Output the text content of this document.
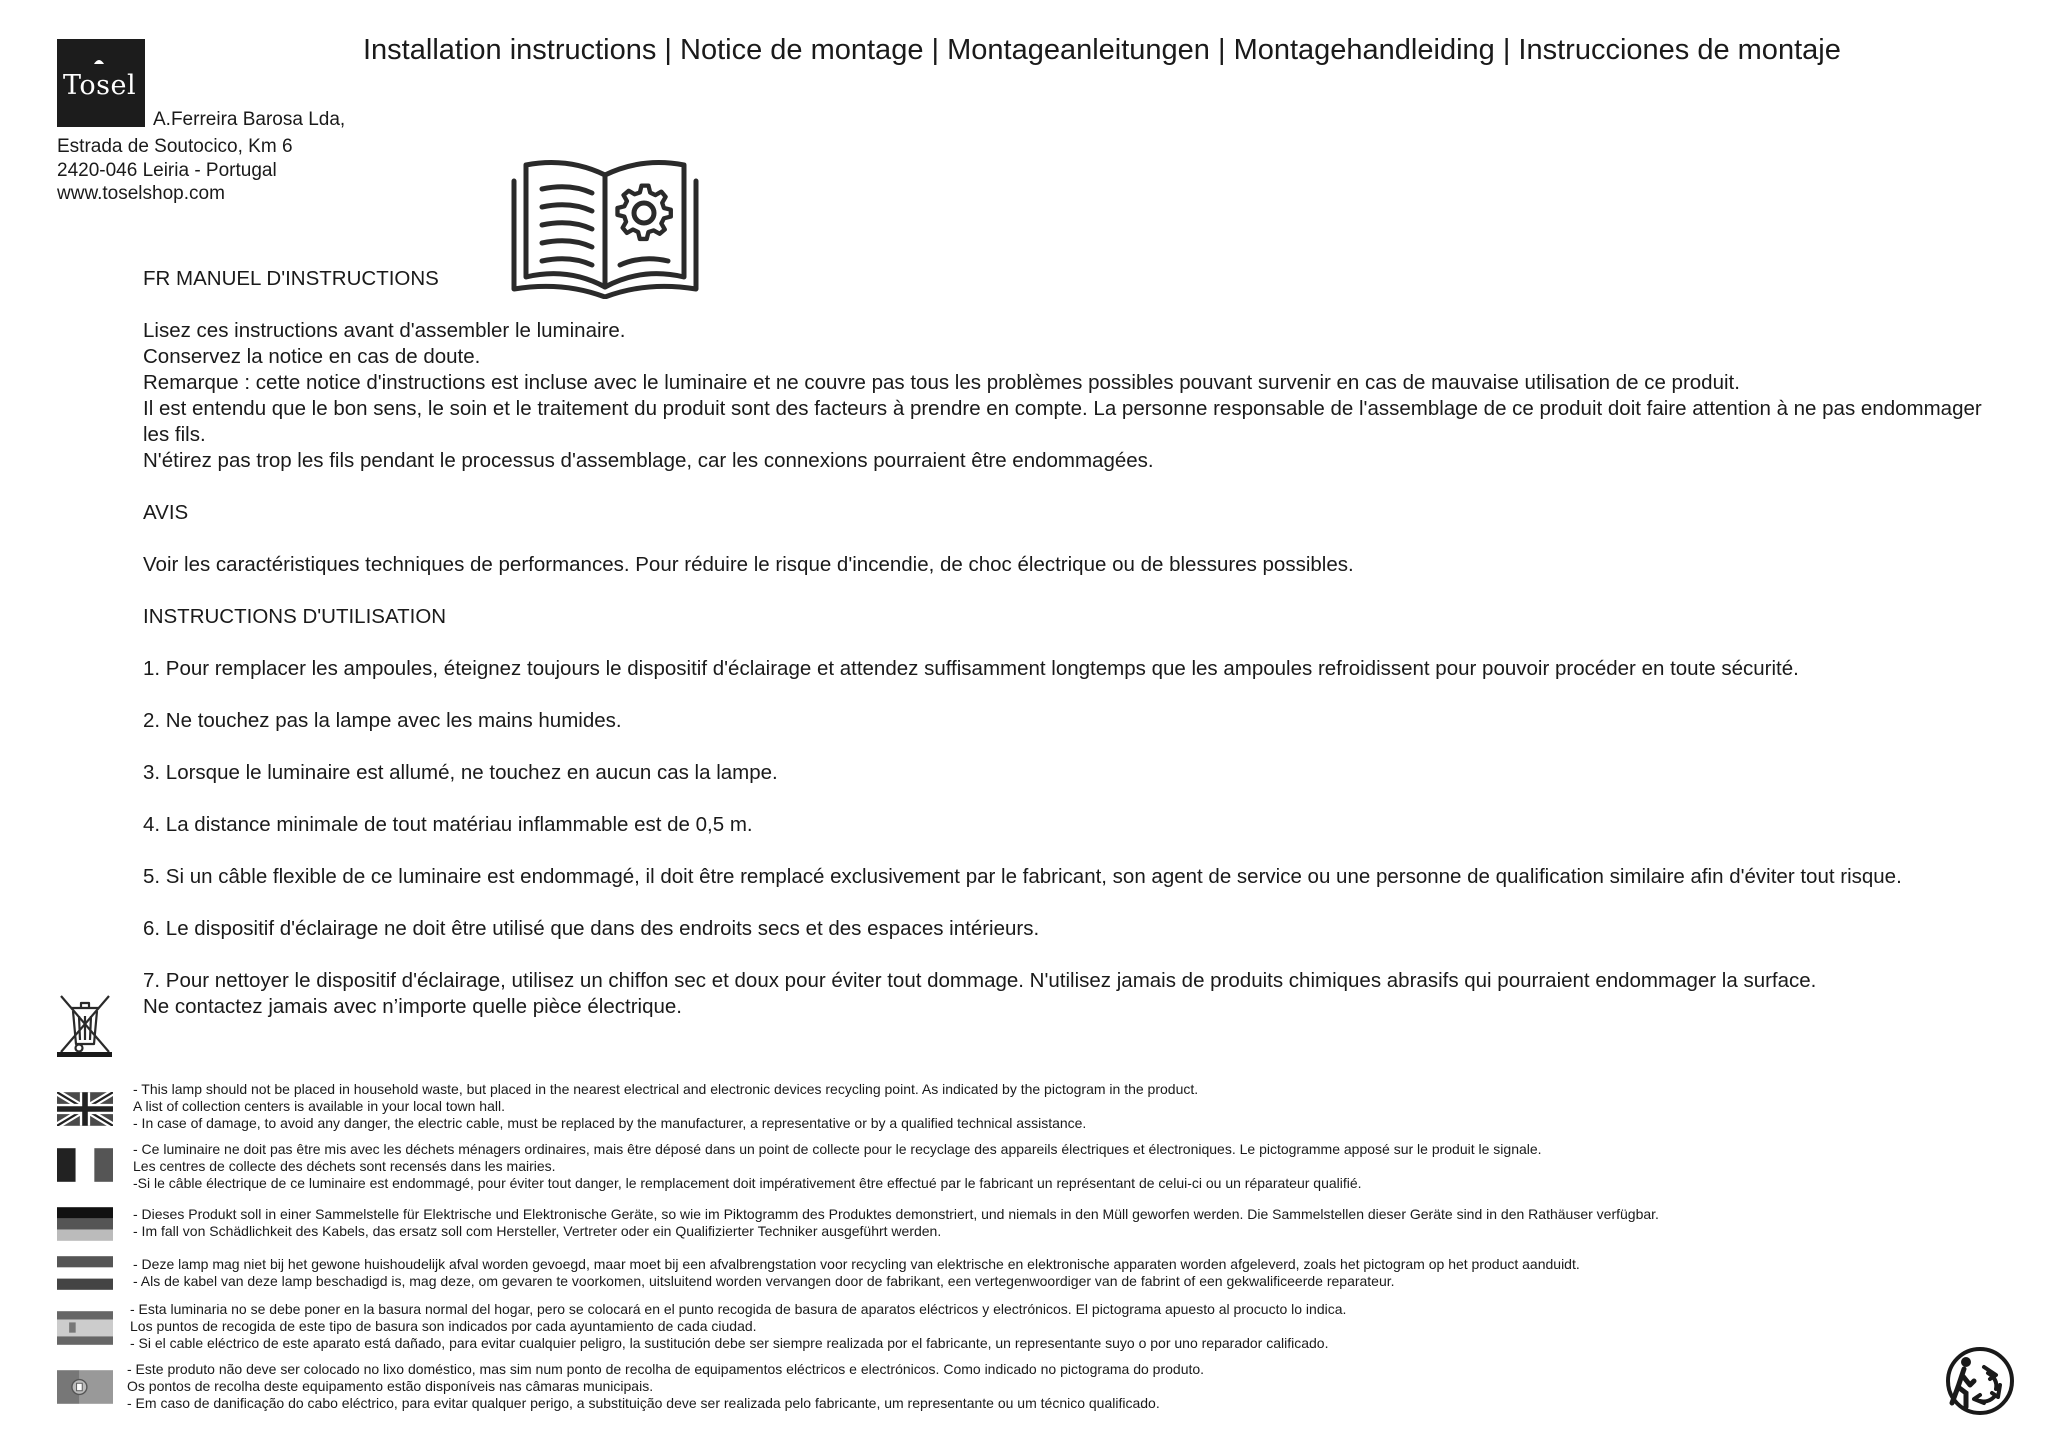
Tosel
Installation instructions | Notice de montage | Montageanleitungen | Montagehandleiding | Instrucciones de montaje
A.Ferreira Barosa Lda,
Estrada de Soutocico, Km 6
2420-046 Leiria - Portugal
www.toselshop.com

FR MANUEL D'INSTRUCTIONS

Lisez ces instructions avant d'assembler le luminaire.

Conservez la notice en cas de doute.

Remarque : cette notice d'instructions est incluse avec le luminaire et ne couvre pas tous les problèmes possibles pouvant survenir en cas de mauvaise utilisation de ce produit.

Il est entendu que le bon sens, le soin et le traitement du produit sont des facteurs à prendre en compte. La personne responsable de l'assemblage de ce produit doit faire attention à ne pas endommager les fils.

N'étirez pas trop les fils pendant le processus d'assemblage, car les connexions pourraient être endommagées.

AVIS

Voir les caractéristiques techniques de performances. Pour réduire le risque d'incendie, de choc électrique ou de blessures possibles.

INSTRUCTIONS D'UTILISATION

1. Pour remplacer les ampoules, éteignez toujours le dispositif d'éclairage et attendez suffisamment longtemps que les ampoules refroidissent pour pouvoir procéder en toute sécurité.

2. Ne touchez pas la lampe avec les mains humides.

3. Lorsque le luminaire est allumé, ne touchez en aucun cas la lampe.

4. La distance minimale de tout matériau inflammable est de 0,5 m.

5. Si un câble flexible de ce luminaire est endommagé, il doit être remplacé exclusivement par le fabricant, son agent de service ou une personne de qualification similaire afin d'éviter tout risque.

6. Le dispositif d'éclairage ne doit être utilisé que dans des endroits secs et des espaces intérieurs.

7. Pour nettoyer le dispositif d'éclairage, utilisez un chiffon sec et doux pour éviter tout dommage. N'utilisez jamais de produits chimiques abrasifs qui pourraient endommager la surface.

Ne contactez jamais avec n’importe quelle pièce électrique.

- This lamp should not be placed in household waste, but placed in the nearest electrical and electronic devices recycling point. As indicated by the pictogram in the product.

A list of collection centers is available in your local town hall.

- In case of damage, to avoid any danger, the electric cable, must be replaced by the manufacturer, a representative or by a qualified technical assistance.

- Ce luminaire ne doit pas être mis avec les déchets ménagers ordinaires, mais être déposé dans un point de collecte pour le recyclage des appareils électriques et électroniques. Le pictogramme apposé sur le produit le signale.

Les centres de collecte des déchets sont recensés dans les mairies.

-Si le câble électrique de ce luminaire est endommagé, pour éviter tout danger, le remplacement doit impérativement être effectué par le fabricant un représentant de celui-ci ou un réparateur qualifié.

- Dieses Produkt soll in einer Sammelstelle für Elektrische und Elektronische Geräte, so wie im Piktogramm des Produktes demonstriert, und niemals in den Müll geworfen werden. Die Sammelstellen dieser Geräte sind in den Rathäuser verfügbar.

- Im fall von Schädlichkeit des Kabels, das ersatz soll com Hersteller, Vertreter oder ein Qualifizierter Techniker ausgeführt werden.

- Deze lamp mag niet bij het gewone huishoudelijk afval worden gevoegd, maar moet bij een afvalbrengstation voor recycling van elektrische en elektronische apparaten worden afgeleverd, zoals het pictogram op het product aanduidt.

- Als de kabel van deze lamp beschadigd is, mag deze, om gevaren te voorkomen, uitsluitend worden vervangen door de fabrikant, een vertegenwoordiger van de fabrint of een gekwalificeerde reparateur.

- Esta luminaria no se debe poner en la basura normal del hogar, pero se colocará en el punto recogida de basura de aparatos eléctricos y electrónicos. El pictograma apuesto al procucto lo indica.

Los puntos de recogida de este tipo de basura son indicados por cada ayuntamiento de cada ciudad.

- Si el cable eléctrico de este aparato está dañado, para evitar cualquier peligro, la sustitución debe ser siempre realizada por el fabricante, un representante suyo o por uno reparador calificado.

- Este produto não deve ser colocado no lixo doméstico, mas sim num ponto de recolha de equipamentos eléctricos e electrónicos. Como indicado no pictograma do produto.

Os pontos de recolha deste equipamento estão disponíveis nas câmaras municipais.

- Em caso de danificação do cabo eléctrico, para evitar qualquer perigo, a substituição deve ser realizada pelo fabricante, um representante ou um técnico qualificado.
